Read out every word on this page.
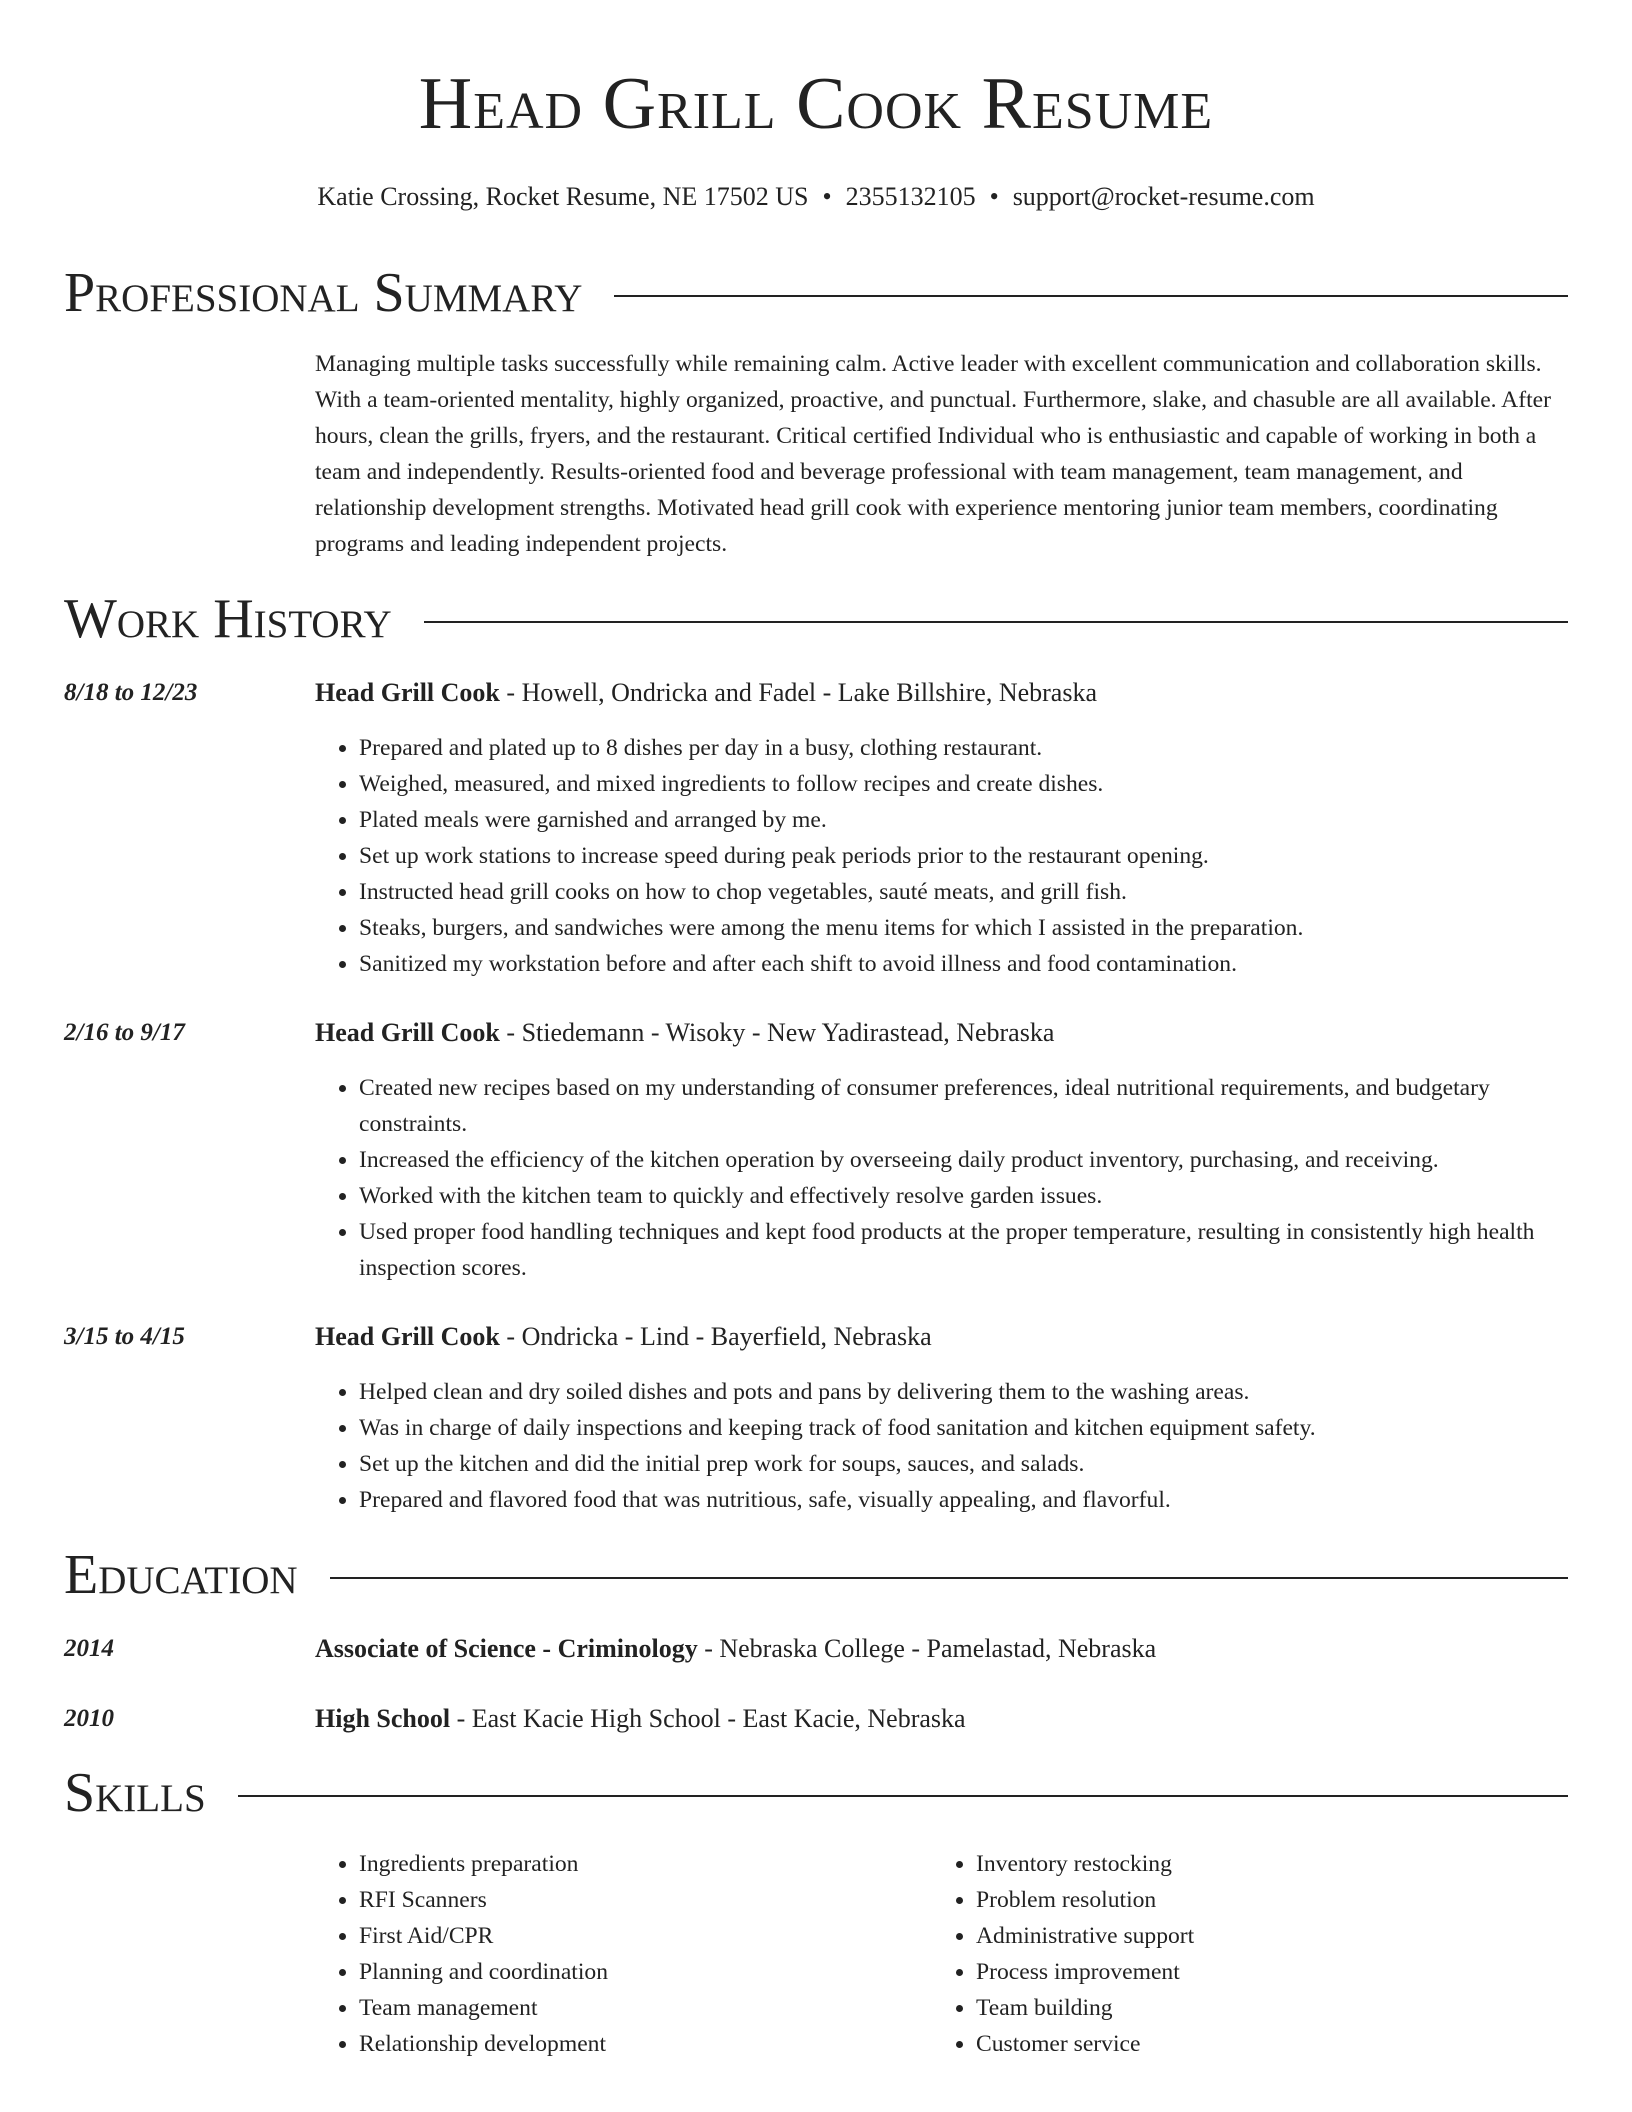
Head Grill Cook Resume
Katie Crossing, Rocket Resume, NE 17502 US • 2355132105 • support@rocket-resume.com
Professional Summary
Managing multiple tasks successfully while remaining calm. Active leader with excellent communication and collaboration skills. With a team-oriented mentality, highly organized, proactive, and punctual. Furthermore, slake, and chasuble are all available. After hours, clean the grills, fryers, and the restaurant. Critical certified Individual who is enthusiastic and capable of working in both a team and independently. Results-oriented food and beverage professional with team management, team management, and relationship development strengths. Motivated head grill cook with experience mentoring junior team members, coordinating programs and leading independent projects.
Work History
8/18 to 12/23	Head Grill Cook - Howell, Ondricka and Fadel - Lake Billshire, Nebraska
• Prepared and plated up to 8 dishes per day in a busy, clothing restaurant.
• Weighed, measured, and mixed ingredients to follow recipes and create dishes.
• Plated meals were garnished and arranged by me.
• Set up work stations to increase speed during peak periods prior to the restaurant opening.
• Instructed head grill cooks on how to chop vegetables, sauté meats, and grill fish.
• Steaks, burgers, and sandwiches were among the menu items for which I assisted in the preparation.
• Sanitized my workstation before and after each shift to avoid illness and food contamination.
2/16 to 9/17	Head Grill Cook - Stiedemann - Wisoky - New Yadirastead, Nebraska
• Created new recipes based on my understanding of consumer preferences, ideal nutritional requirements, and budgetary constraints.
• Increased the efficiency of the kitchen operation by overseeing daily product inventory, purchasing, and receiving.
• Worked with the kitchen team to quickly and effectively resolve garden issues.
• Used proper food handling techniques and kept food products at the proper temperature, resulting in consistently high health inspection scores.
3/15 to 4/15	Head Grill Cook - Ondricka - Lind - Bayerfield, Nebraska
• Helped clean and dry soiled dishes and pots and pans by delivering them to the washing areas.
• Was in charge of daily inspections and keeping track of food sanitation and kitchen equipment safety.
• Set up the kitchen and did the initial prep work for soups, sauces, and salads.
• Prepared and flavored food that was nutritious, safe, visually appealing, and flavorful.
Education
2014	Associate of Science - Criminology - Nebraska College - Pamelastad, Nebraska
2010	High School - East Kacie High School - East Kacie, Nebraska
Skills
• Ingredients preparation
• RFI Scanners
• First Aid/CPR
• Planning and coordination
• Team management
• Relationship development
• Inventory restocking
• Problem resolution
• Administrative support
• Process improvement
• Team building
• Customer service
